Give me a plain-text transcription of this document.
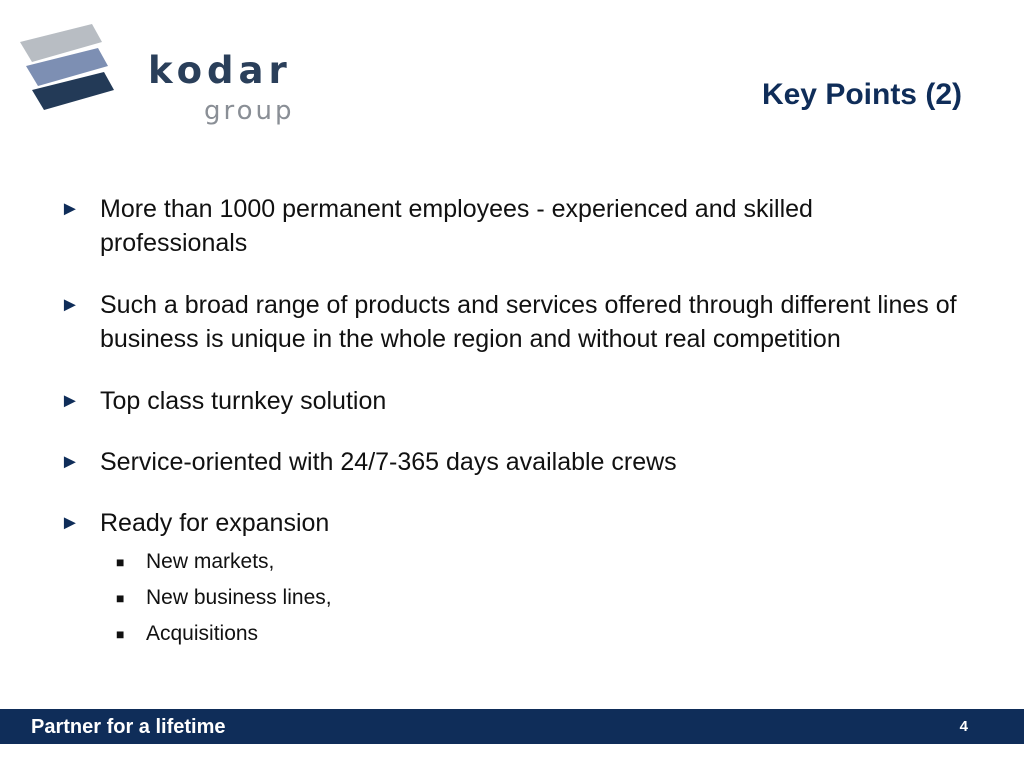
kodar
group	Key Points (2)
► More than 1000 permanent employees - experienced and skilled professionals
► Such a broad range of products and services offered through different lines of business is unique in the whole region and without real competition
► Top class turnkey solution
► Service-oriented with 24/7-365 days available crews
► Ready for expansion
■	New markets,
■	New business lines,
■	Acquisitions
Partner for a lifetime	4
